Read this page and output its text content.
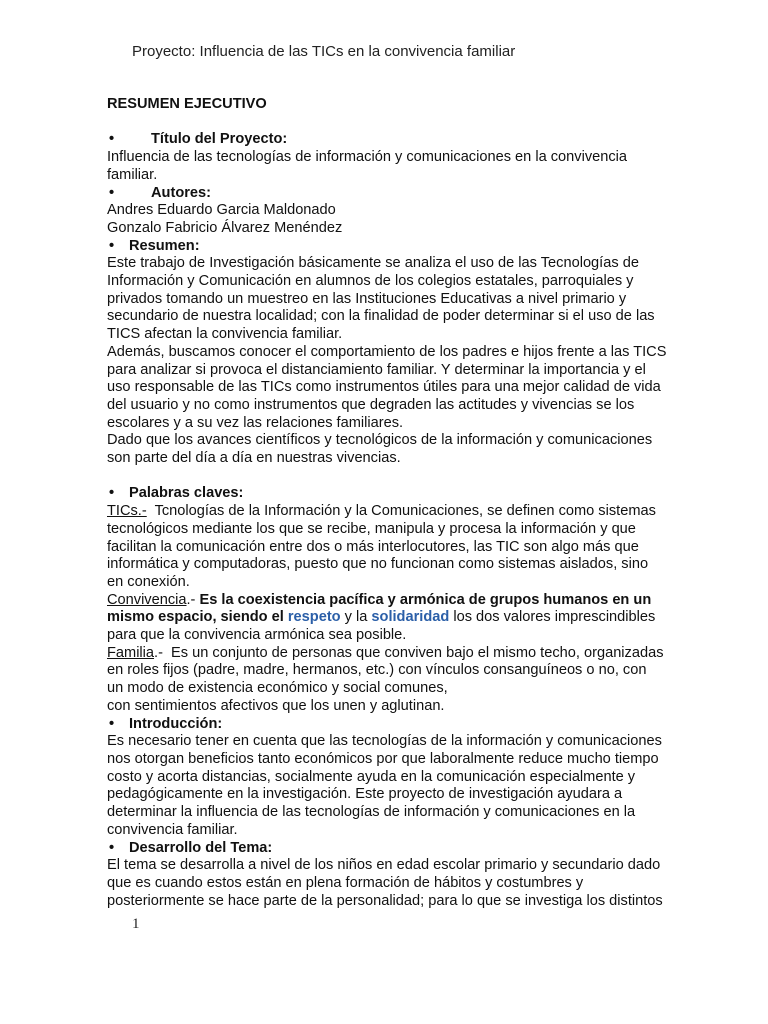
Proyecto: Influencia de las TICs en la convivencia familiar

RESUMEN EJECUTIVO

•	Título del Proyecto:

Influencia de las tecnologías de información y comunicaciones en la convivencia

familiar.

•	Autores:

Andres Eduardo Garcia Maldonado

Gonzalo Fabricio Álvarez Menéndez

•	Resumen:

Este trabajo de Investigación básicamente se analiza el uso de las Tecnologías de

Información y Comunicación en alumnos de los colegios estatales, parroquiales y

privados tomando un muestreo en las Instituciones Educativas a nivel primario y

secundario de nuestra localidad; con la finalidad de poder determinar si el uso de las

TICS afectan la convivencia familiar.

Además, buscamos conocer el comportamiento de los padres e hijos frente a las TICS

para analizar si provoca el distanciamiento familiar. Y determinar la importancia y el

uso responsable de las TICs como instrumentos útiles para una mejor calidad de vida

del usuario y no como instrumentos que degraden las actitudes y vivencias se los

escolares y a su vez las relaciones familiares.

Dado que los avances científicos y tecnológicos de la información y comunicaciones

son parte del día a día en nuestras vivencias.

•	Palabras claves:

TICs.-  Tcnologías de la Información y la Comunicaciones, se definen como sistemas

tecnológicos mediante los que se recibe, manipula y procesa la información y que

facilitan la comunicación entre dos o más interlocutores, las TIC son algo más que

informática y computadoras, puesto que no funcionan como sistemas aislados, sino

en conexión.

Convivencia.- Es la coexistencia pacífica y armónica de grupos humanos en un

mismo espacio, siendo el respeto y la solidaridad los dos valores imprescindibles

para que la convivencia armónica sea posible.

Familia.-  Es un conjunto de personas que conviven bajo el mismo techo, organizadas

en roles fijos (padre, madre, hermanos, etc.) con vínculos consanguíneos o no, con

un modo de existencia económico y social comunes,

con sentimientos afectivos que los unen y aglutinan.

•	Introducción:

Es necesario tener en cuenta que las tecnologías de la información y comunicaciones

nos otorgan beneficios tanto económicos por que laboralmente reduce mucho tiempo

costo y acorta distancias, socialmente ayuda en la comunicación especialmente y

pedagógicamente en la investigación. Este proyecto de investigación ayudara a

determinar la influencia de las tecnologías de información y comunicaciones en la

convivencia familiar.

•	Desarrollo del Tema:

El tema se desarrolla a nivel de los niños en edad escolar primario y secundario dado

que es cuando estos están en plena formación de hábitos y costumbres y

posteriormente se hace parte de la personalidad; para lo que se investiga los distintos

1
